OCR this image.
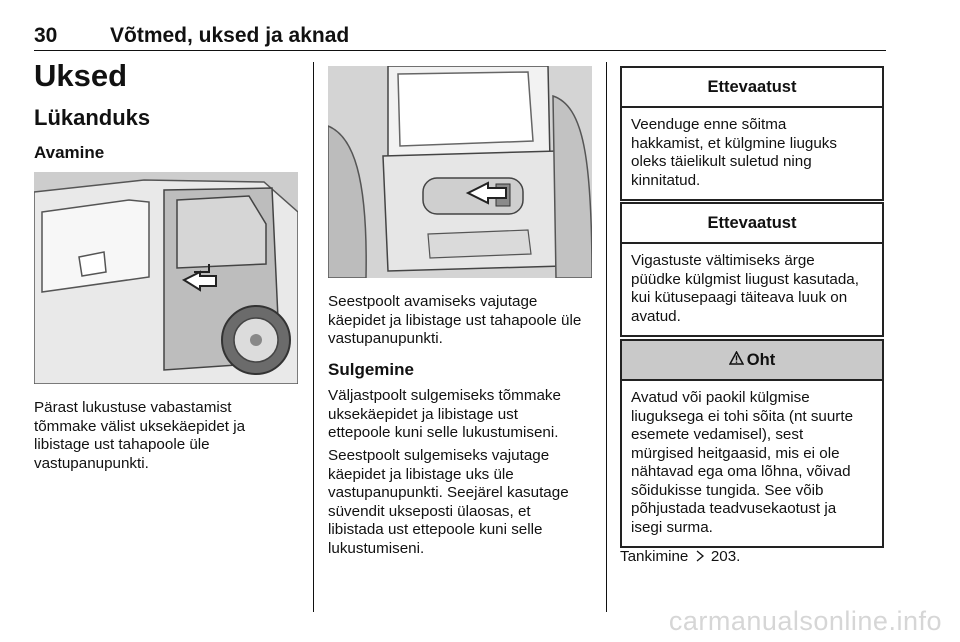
30	Võtmed, uksed ja aknad
Uksed
Lükanduks
Avamine
Pärast lukustuse vabastamist
tõmmake välist uksekäepidet ja
libistage ust tahapoole üle
vastupanupunkti.
Seestpoolt avamiseks vajutage
käepidet ja libistage ust tahapoole üle
vastupanupunkti.
Sulgemine
Väljastpoolt sulgemiseks tõmmake
uksekäepidet ja libistage ust
ettepoole kuni selle lukustumiseni.
Seestpoolt sulgemiseks vajutage
käepidet ja libistage uks üle
vastupanupunkti. Seejärel kasutage
süvendit ukseposti ülaosas, et
libistada ust ettepoole kuni selle
lukustumiseni.
Ettevaatust
Veenduge enne sõitma
hakkamist, et külgmine liuguks
oleks täielikult suletud ning
kinnitatud.
Ettevaatust
Vigastuste vältimiseks ärge
püüdke külgmist liugust kasutada,
kui kütusepaagi täiteava luuk on
avatud.
Oht
Avatud või paokil külgmise
liuguksega ei tohi sõita (nt suurte
esemete vedamisel), sest
mürgised heitgaasid, mis ei ole
nähtavad ega oma lõhna, võivad
sõidukisse tungida. See võib
põhjustada teadvusekaotust ja
isegi surma.
Tankimine 203.
carmanualsonline.info
